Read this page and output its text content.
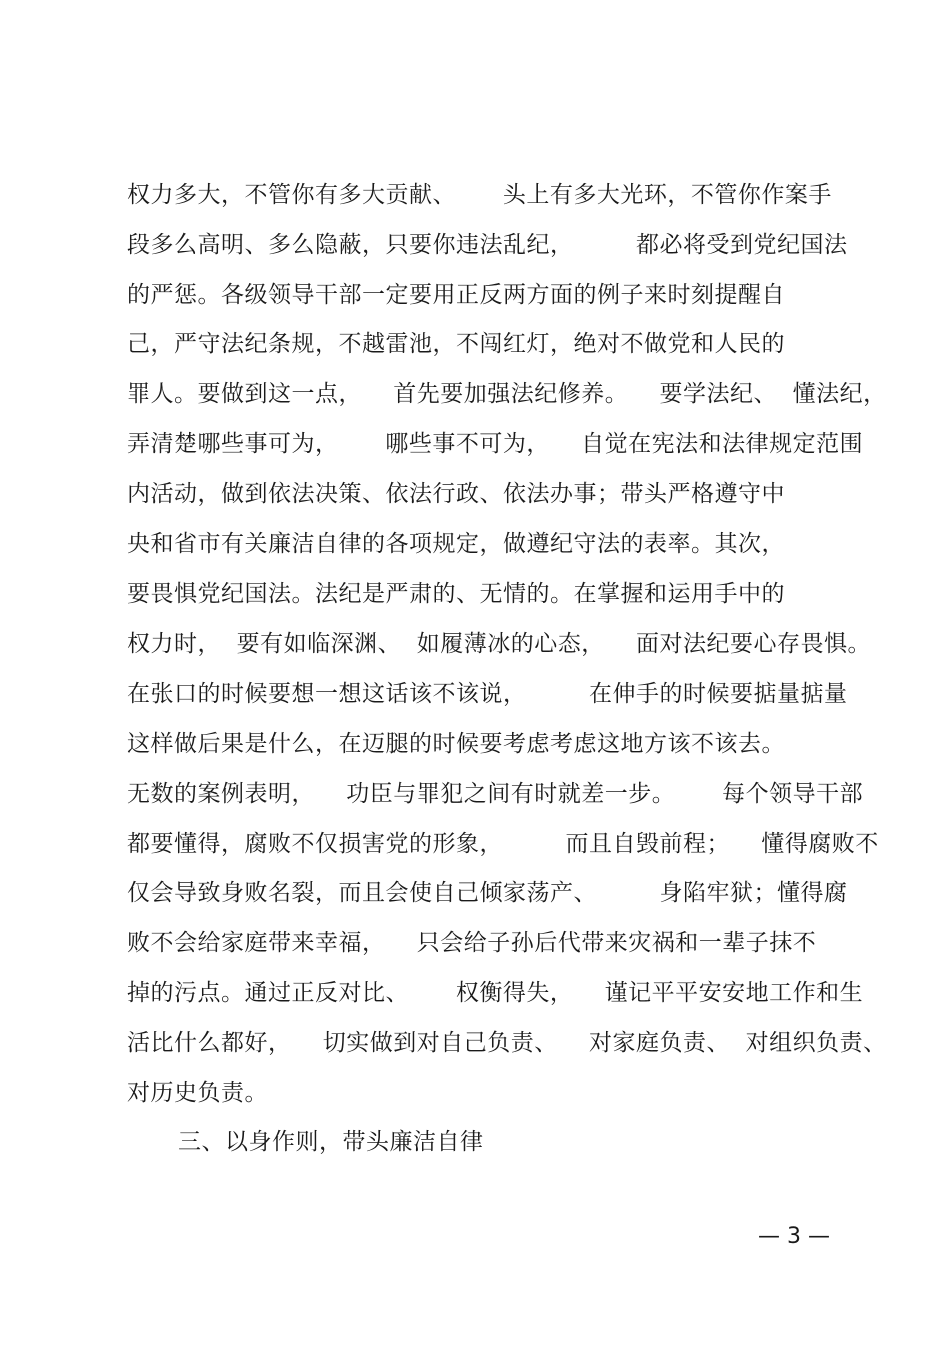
权力多大，不管你有多大贡献、      头上有多大光环，不管你作案手
段多么高明、多么隐蔽，只要你违法乱纪，        都必将受到党纪国法
的严惩。各级领导干部一定要用正反两方面的例子来时刻提醒自
己，严守法纪条规，不越雷池，不闯红灯，绝对不做党和人民的
罪人。要做到这一点，    首先要加强法纪修养。    要学法纪、  懂法纪，
弄清楚哪些事可为，      哪些事不可为，    自觉在宪法和法律规定范围
内活动，做到依法决策、依法行政、依法办事；带头严格遵守中
央和省市有关廉洁自律的各项规定，做遵纪守法的表率。其次，
要畏惧党纪国法。法纪是严肃的、无情的。在掌握和运用手中的
权力时，  要有如临深渊、  如履薄冰的心态，    面对法纪要心存畏惧。
在张口的时候要想一想这话该不该说，        在伸手的时候要掂量掂量
这样做后果是什么，在迈腿的时候要考虑考虑这地方该不该去。
无数的案例表明，    功臣与罪犯之间有时就差一步。      每个领导干部
都要懂得，腐败不仅损害党的形象，        而且自毁前程；    懂得腐败不
仅会导致身败名裂，而且会使自己倾家荡产、        身陷牢狱；懂得腐
败不会给家庭带来幸福，    只会给子孙后代带来灾祸和一辈子抹不
掉的污点。通过正反对比、      权衡得失，    谨记平平安安地工作和生
活比什么都好，    切实做到对自己负责、    对家庭负责、  对组织负责、
对历史负责。
三、以身作则，带头廉洁自律
— 3 —
